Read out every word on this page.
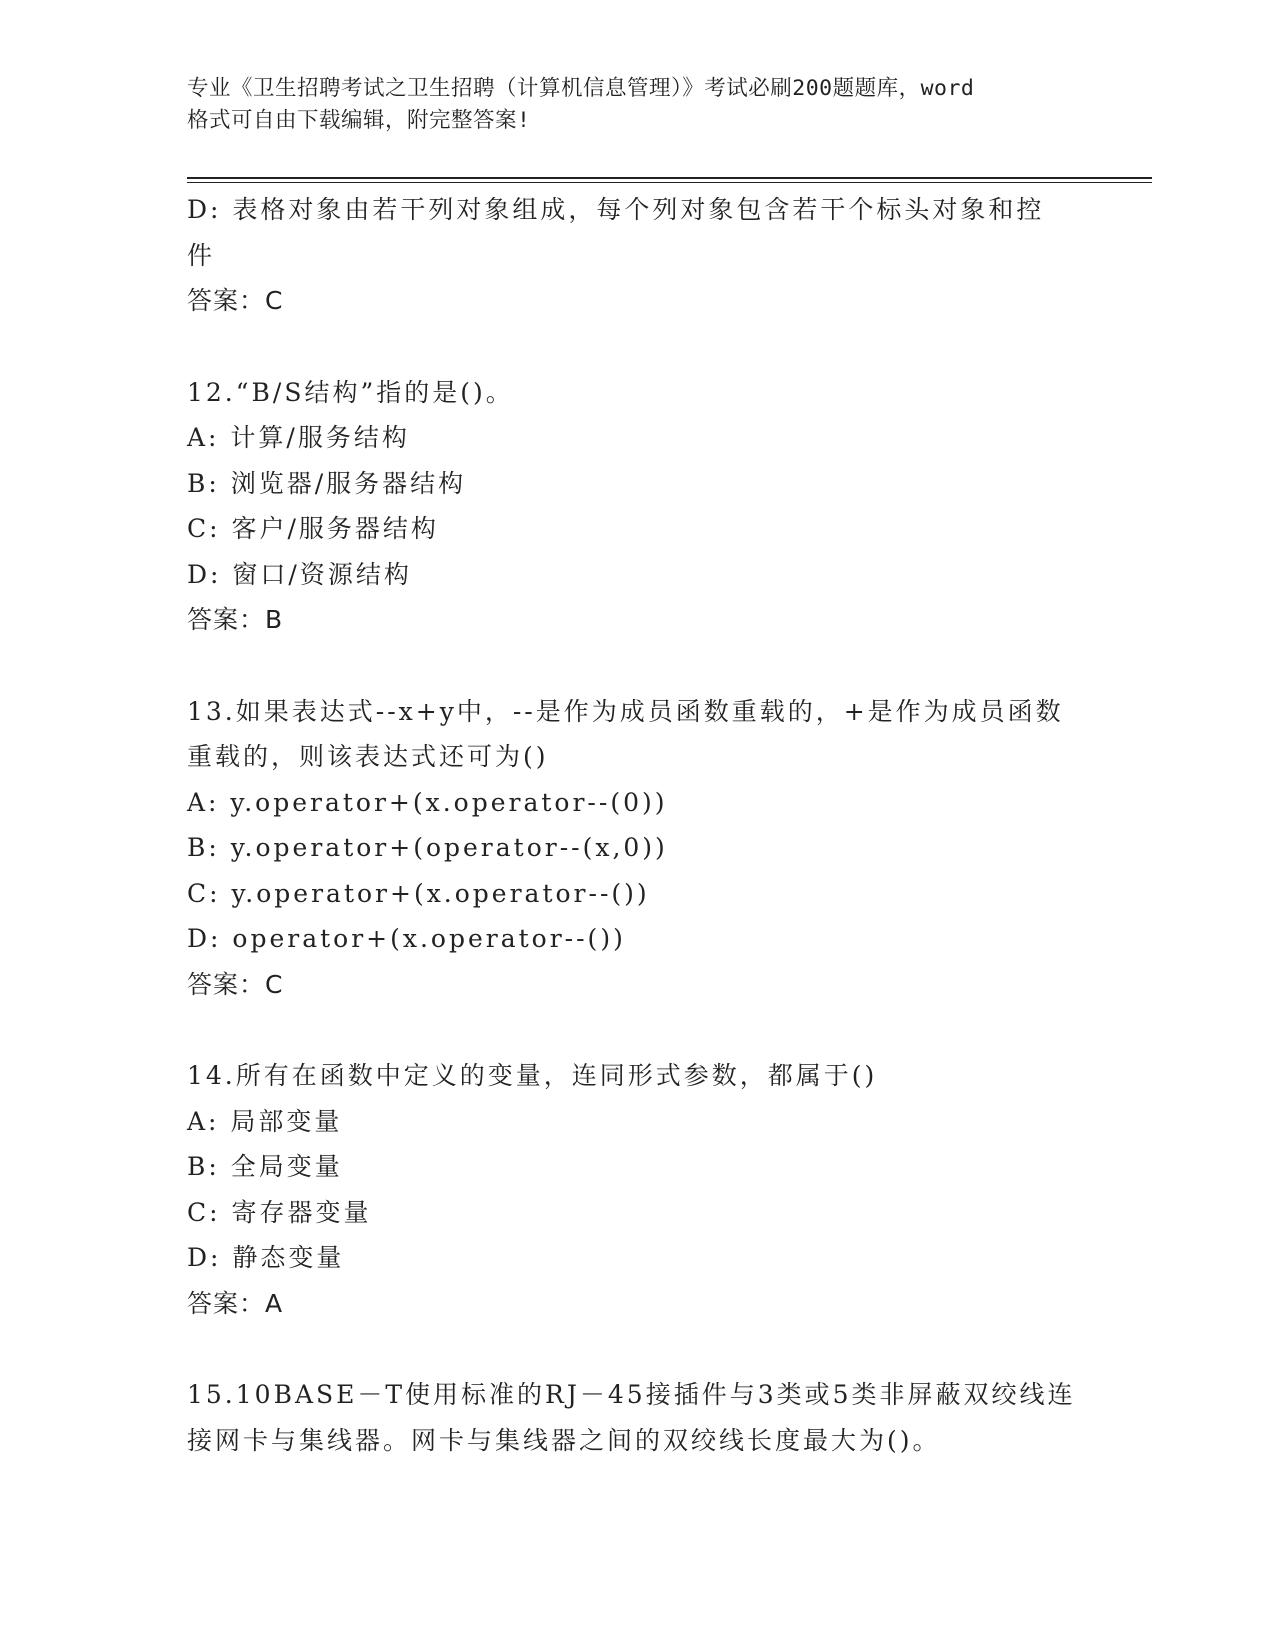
专业《卫生招聘考试之卫生招聘（计算机信息管理）》考试必刷200题题库，word
格式可自由下载编辑，附完整答案!
D: 表格对象由若干列对象组成，每个列对象包含若干个标头对象和控
件
答案：C
12.“B/S结构”指的是()。
A: 计算/服务结构
B: 浏览器/服务器结构
C: 客户/服务器结构
D: 窗口/资源结构
答案：B
13.如果表达式--x+y中，--是作为成员函数重载的，+是作为成员函数
重载的，则该表达式还可为()
A: y.operator+(x.operator--(0))
B: y.operator+(operator--(x,0))
C: y.operator+(x.operator--())
D: operator+(x.operator--())
答案：C
14.所有在函数中定义的变量，连同形式参数，都属于()
A: 局部变量
B: 全局变量
C: 寄存器变量
D: 静态变量
答案：A
15.10BASE－T使用标准的RJ－45接插件与3类或5类非屏蔽双绞线连
接网卡与集线器。网卡与集线器之间的双绞线长度最大为()。
